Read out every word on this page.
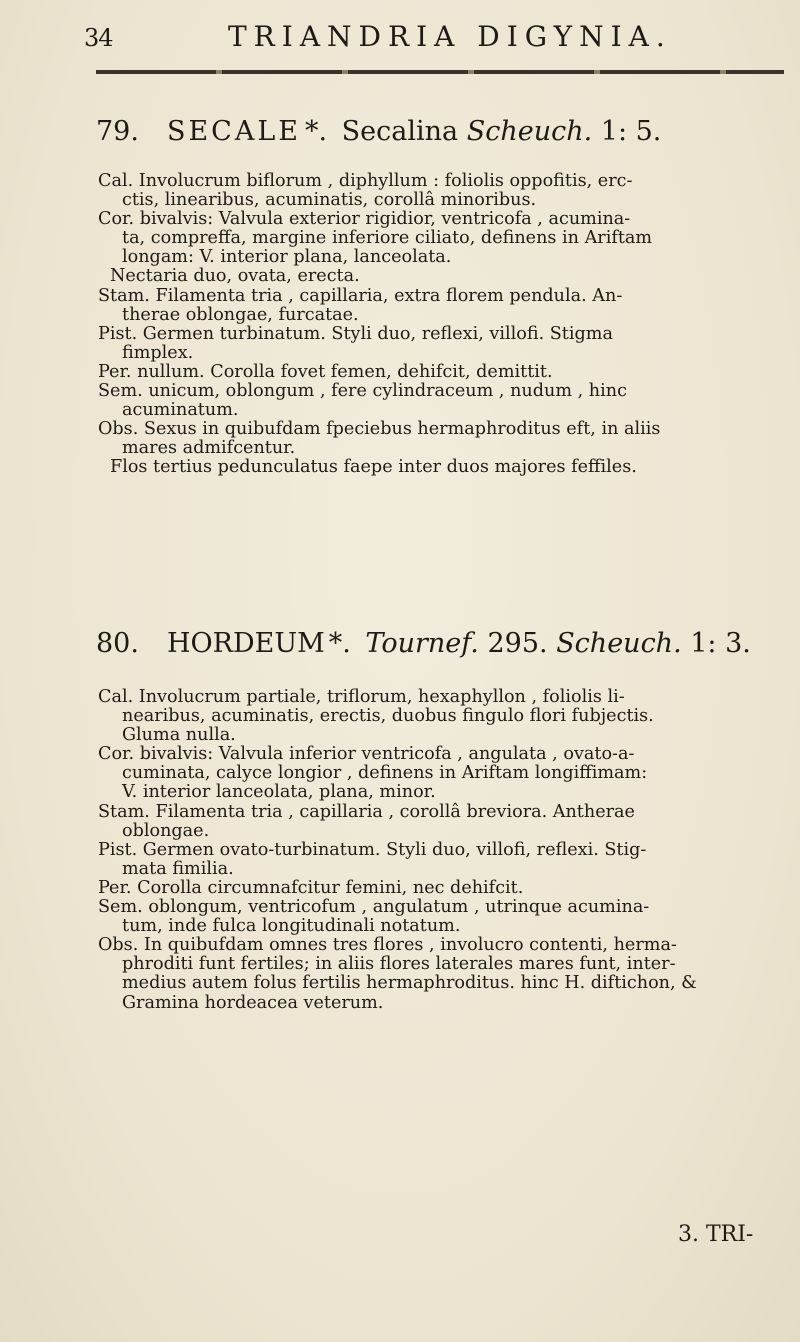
34	TRIANDRIA DIGYNIA.
79. SECALE *. Secalina Scheuch. 1: 5.
Cal. Involucrum biflorum , diphyllum : foliolis oppofitis, erc-
ctis, linearibus, acuminatis, corollâ minoribus.
Cor. bivalvis: Valvula exterior rigidior, ventricofa , acumina-
ta, compreffa, margine inferiore ciliato, definens in Ariftam
longam: V. interior plana, lanceolata.
Nectaria duo, ovata, erecta.
Stam. Filamenta tria , capillaria, extra florem pendula. An-
therae oblongae, furcatae.
Pist. Germen turbinatum. Styli duo, reflexi, villofi. Stigma
fimplex.
Per. nullum. Corolla fovet femen, dehifcit, demittit.
Sem. unicum, oblongum , fere cylindraceum , nudum , hinc
acuminatum.
Obs. Sexus in quibufdam fpeciebus hermaphroditus eft, in aliis
mares admifcentur.
Flos tertius pedunculatus faepe inter duos majores feffiles.
80. HORDEUM *. Tournef. 295. Scheuch. 1: 3.
Cal. Involucrum partiale, triflorum, hexaphyllon , foliolis li-
nearibus, acuminatis, erectis, duobus fingulo flori fubjectis.
Gluma nulla.
Cor. bivalvis: Valvula inferior ventricofa , angulata , ovato-a-
cuminata, calyce longior , definens in Ariftam longiffimam:
V. interior lanceolata, plana, minor.
Stam. Filamenta tria , capillaria , corollâ breviora. Antherae
oblongae.
Pist. Germen ovato-turbinatum. Styli duo, villofi, reflexi. Stig-
mata fimilia.
Per. Corolla circumnafcitur femini, nec dehifcit.
Sem. oblongum, ventricofum , angulatum , utrinque acumina-
tum, inde fulca longitudinali notatum.
Obs. In quibufdam omnes tres flores , involucro contenti, herma-
phroditi funt fertiles; in aliis flores laterales mares funt, inter-
medius autem folus fertilis hermaphroditus. hinc H. diftichon, &
Gramina hordeacea veterum.
3. TRI-
